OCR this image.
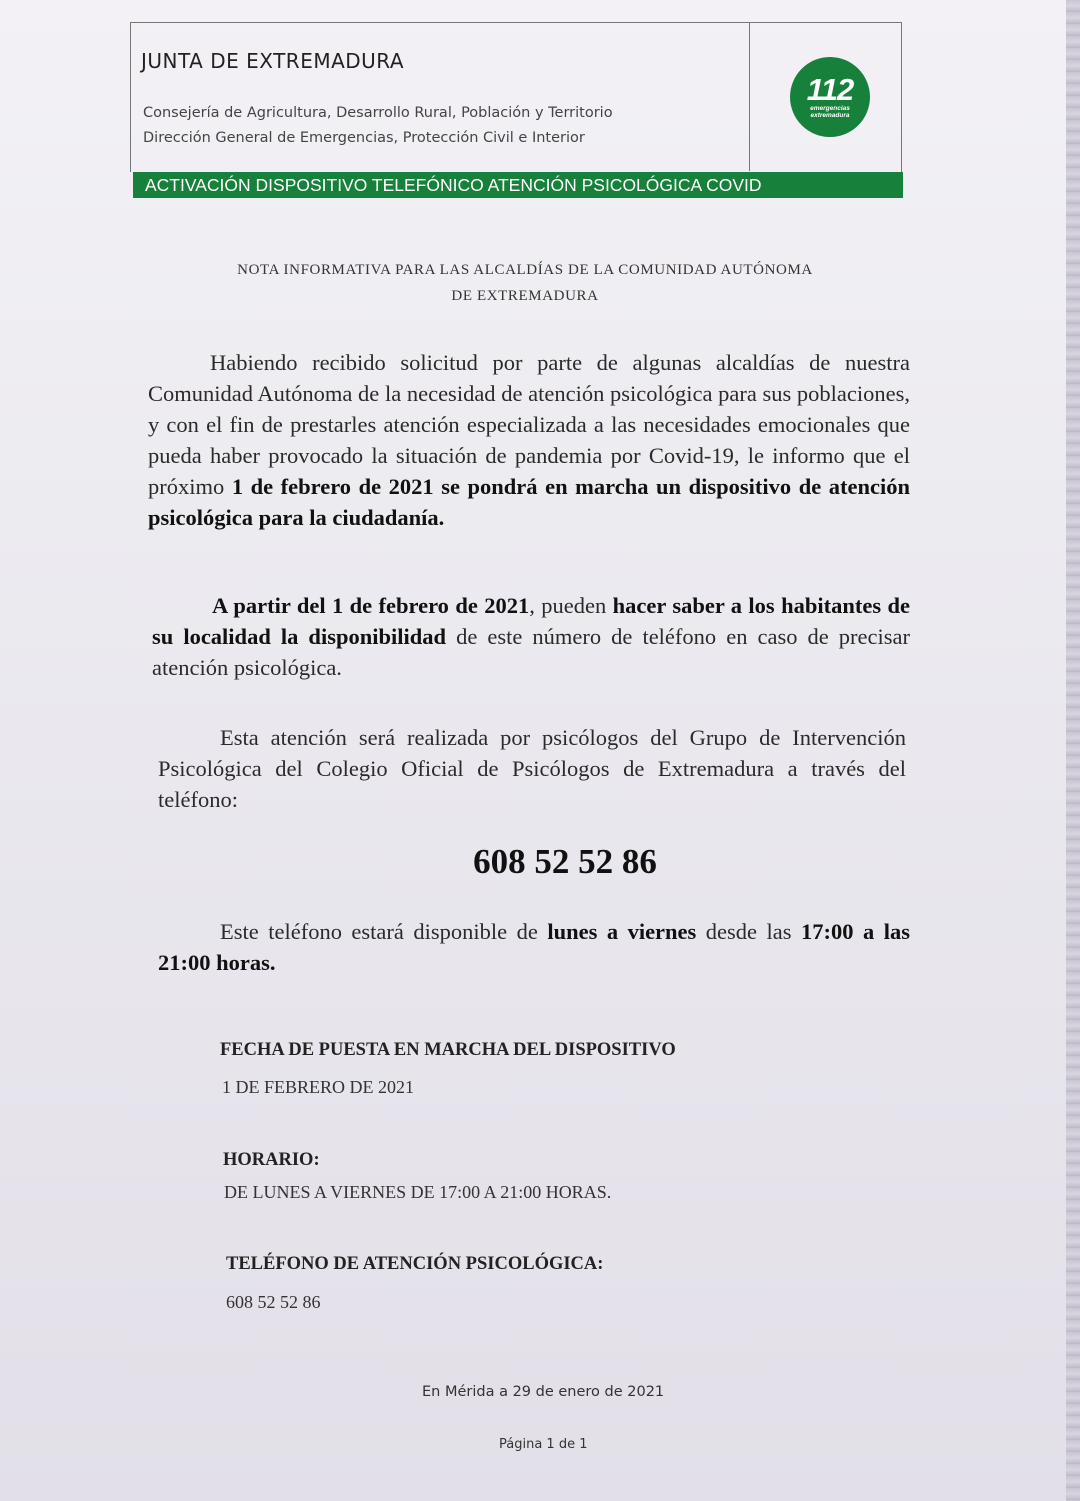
JUNTA DE EXTREMADURA
Consejería de Agricultura, Desarrollo Rural, Población y Territorio
Dirección General de Emergencias, Protección Civil e Interior
112
emergencias
extremadura
ACTIVACIÓN DISPOSITIVO TELEFÓNICO ATENCIÓN PSICOLÓGICA COVID
NOTA INFORMATIVA PARA LAS ALCALDÍAS DE LA COMUNIDAD AUTÓNOMA
DE EXTREMADURA
Habiendo recibido solicitud por parte de algunas alcaldías de nuestra Comunidad Autónoma de la necesidad de atención psicológica para sus poblaciones, y con el fin de prestarles atención especializada a las necesidades emocionales que pueda haber provocado la situación de pandemia por Covid-19, le informo que el próximo 1 de febrero de 2021 se pondrá en marcha un dispositivo de atención psicológica para la ciudadanía.
A partir del 1 de febrero de 2021, pueden hacer saber a los habitantes de su localidad la disponibilidad de este número de teléfono en caso de precisar atención psicológica.
Esta atención será realizada por psicólogos del Grupo de Intervención Psicológica del Colegio Oficial de Psicólogos de Extremadura a través del teléfono:
608 52 52 86
Este teléfono estará disponible de lunes a viernes desde las 17:00 a las 21:00 horas.
FECHA DE PUESTA EN MARCHA DEL DISPOSITIVO
1 DE FEBRERO DE 2021
HORARIO:
DE LUNES A VIERNES DE 17:00 A 21:00 HORAS.
TELÉFONO DE ATENCIÓN PSICOLÓGICA:
608 52 52 86
En Mérida a 29 de enero de 2021
Página 1 de 1
